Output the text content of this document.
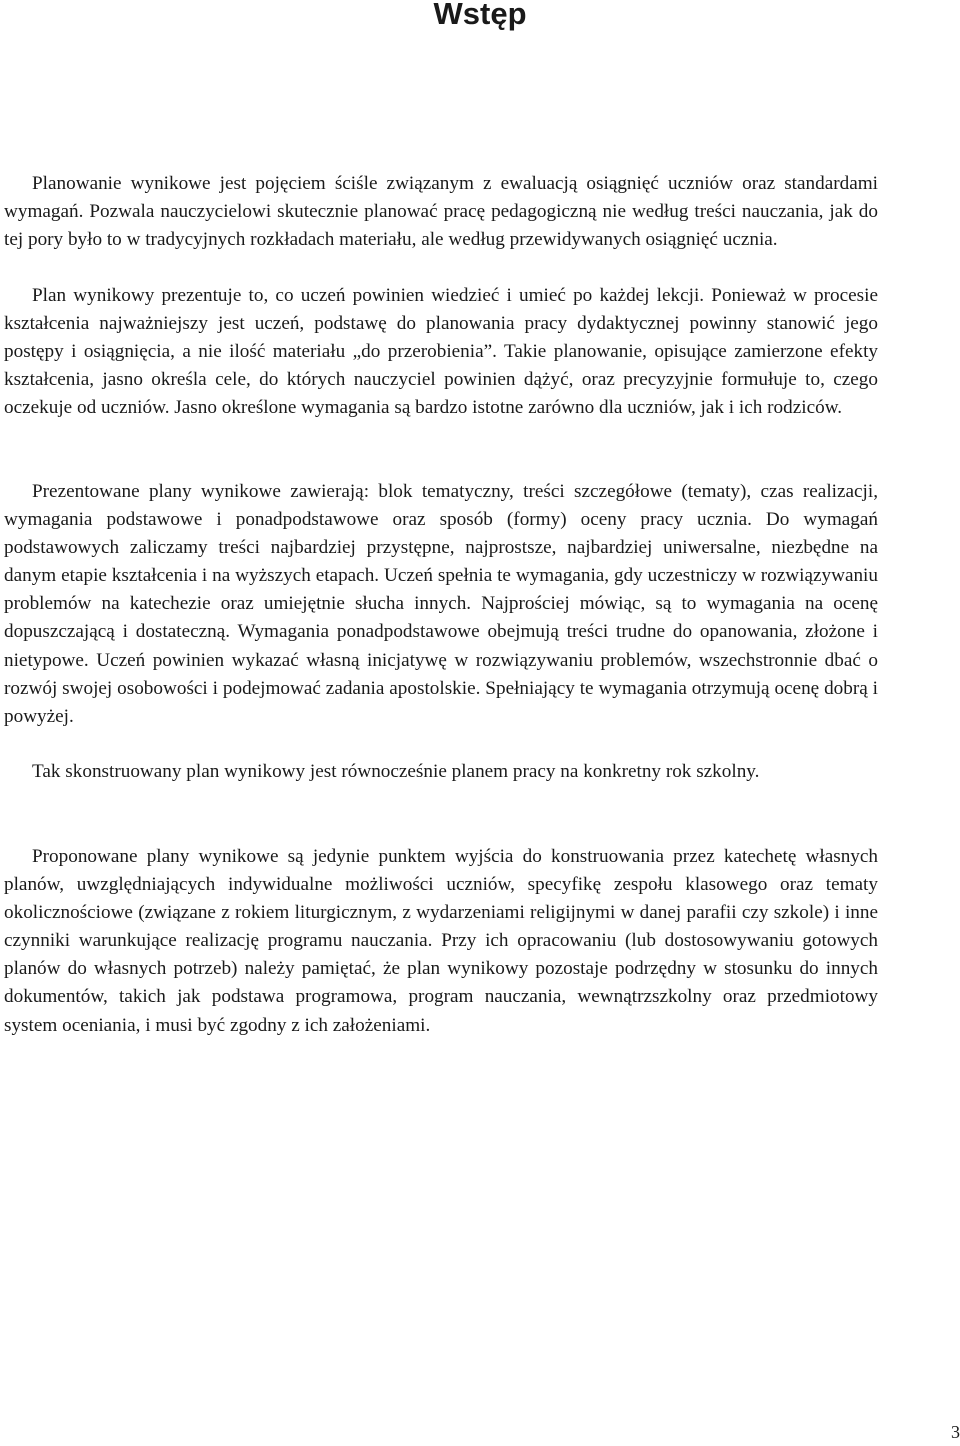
Wstęp

Planowanie wynikowe jest pojęciem ściśle związanym z ewaluacją osiągnięć uczniów oraz standardami wymagań. Pozwala nauczycielowi skutecznie planować pracę pedagogiczną nie według treści nauczania, jak do tej pory było to w tradycyjnych rozkładach materiału, ale według przewidywanych osiągnięć ucznia.

Plan wynikowy prezentuje to, co uczeń powinien wiedzieć i umieć po każdej lekcji. Ponieważ w procesie kształcenia najważniejszy jest uczeń, podstawę do planowania pracy dydaktycznej powinny stanowić jego postępy i osiągnięcia, a nie ilość materiału „do przerobienia”. Takie planowanie, opisujące zamierzone efekty kształcenia, jasno określa cele, do których nauczyciel powinien dążyć, oraz precyzyjnie formułuje to, czego oczekuje od uczniów. Jasno określone wymagania są bardzo istotne zarówno dla uczniów, jak i ich rodziców.

Prezentowane plany wynikowe zawierają: blok tematyczny, treści szczegółowe (tematy), czas realizacji, wymagania podstawowe i ponadpodstawowe oraz sposób (formy) oceny pracy ucznia. Do wymagań podstawowych zaliczamy treści najbardziej przystępne, najprostsze, najbardziej uniwersalne, niezbędne na danym etapie kształcenia i na wyższych etapach. Uczeń spełnia te wymagania, gdy uczestniczy w rozwiązywaniu problemów na katechezie oraz umiejętnie słucha innych. Najprościej mówiąc, są to wymagania na ocenę dopuszczającą i dostateczną. Wymagania ponadpodstawowe obejmują treści trudne do opanowania, złożone i nietypowe. Uczeń powinien wykazać własną inicjatywę w rozwiązywaniu problemów, wszechstronnie dbać o rozwój swojej osobowości i podejmować zadania apostolskie. Spełniający te wymagania otrzymują ocenę dobrą i powyżej.

Tak skonstruowany plan wynikowy jest równocześnie planem pracy na konkretny rok szkolny.

Proponowane plany wynikowe są jedynie punktem wyjścia do konstruowania przez katechetę własnych planów, uwzględniających indywidualne możliwości uczniów, specyfikę zespołu klasowego oraz tematy okolicznościowe (związane z rokiem liturgicznym, z wydarzeniami religijnymi w danej parafii czy szkole) i inne czynniki warunkujące realizację programu nauczania. Przy ich opracowaniu (lub dostosowywaniu gotowych planów do własnych potrzeb) należy pamiętać, że plan wynikowy pozostaje podrzędny w stosunku do innych dokumentów, takich jak podstawa programowa, program nauczania, wewnątrzszkolny oraz przedmiotowy system oceniania, i musi być zgodny z ich założeniami.

3
